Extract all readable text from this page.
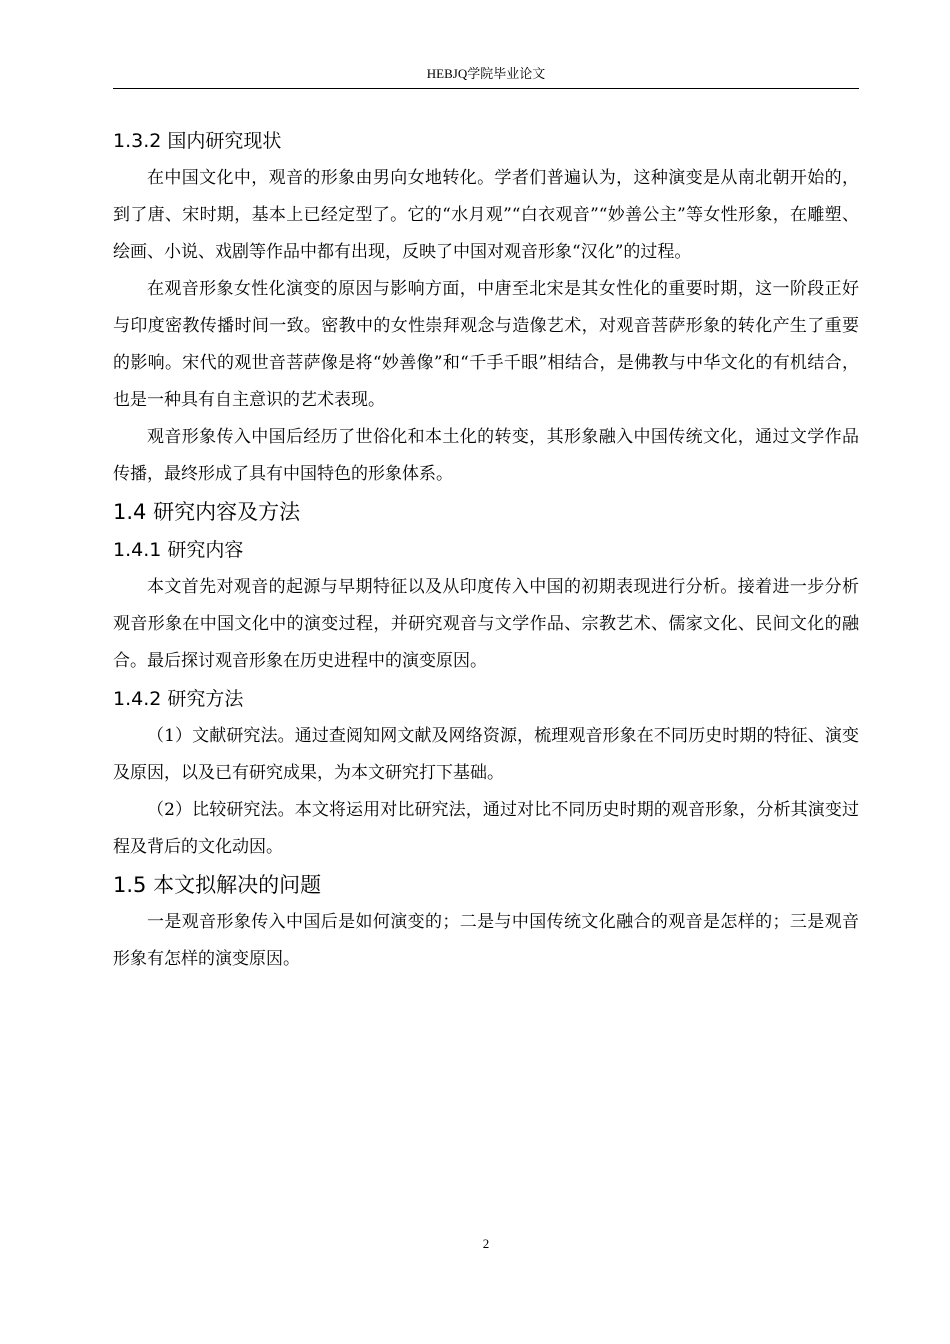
HEBJQ学院毕业论文
1.3.2 国内研究现状

在中国文化中，观音的形象由男向女地转化。学者们普遍认为，这种演变是从南北朝开始的，到了唐、宋时期，基本上已经定型了。它的“水月观”“白衣观音”“妙善公主”等女性形象，在雕塑、绘画、小说、戏剧等作品中都有出现，反映了中国对观音形象“汉化”的过程。

在观音形象女性化演变的原因与影响方面，中唐至北宋是其女性化的重要时期，这一阶段正好与印度密教传播时间一致。密教中的女性崇拜观念与造像艺术，对观音菩萨形象的转化产生了重要的影响。宋代的观世音菩萨像是将“妙善像”和“千手千眼”相结合，是佛教与中华文化的有机结合，也是一种具有自主意识的艺术表现。

观音形象传入中国后经历了世俗化和本土化的转变，其形象融入中国传统文化，通过文学作品传播，最终形成了具有中国特色的形象体系。

1.4 研究内容及方法
1.4.1 研究内容

本文首先对观音的起源与早期特征以及从印度传入中国的初期表现进行分析。接着进一步分析观音形象在中国文化中的演变过程，并研究观音与文学作品、宗教艺术、儒家文化、民间文化的融合。最后探讨观音形象在历史进程中的演变原因。

1.4.2 研究方法

（1）文献研究法。通过查阅知网文献及网络资源，梳理观音形象在不同历史时期的特征、演变及原因，以及已有研究成果，为本文研究打下基础。

（2）比较研究法。本文将运用对比研究法，通过对比不同历史时期的观音形象，分析其演变过程及背后的文化动因。

1.5 本文拟解决的问题

一是观音形象传入中国后是如何演变的；二是与中国传统文化融合的观音是怎样的；三是观音形象有怎样的演变原因。

2
